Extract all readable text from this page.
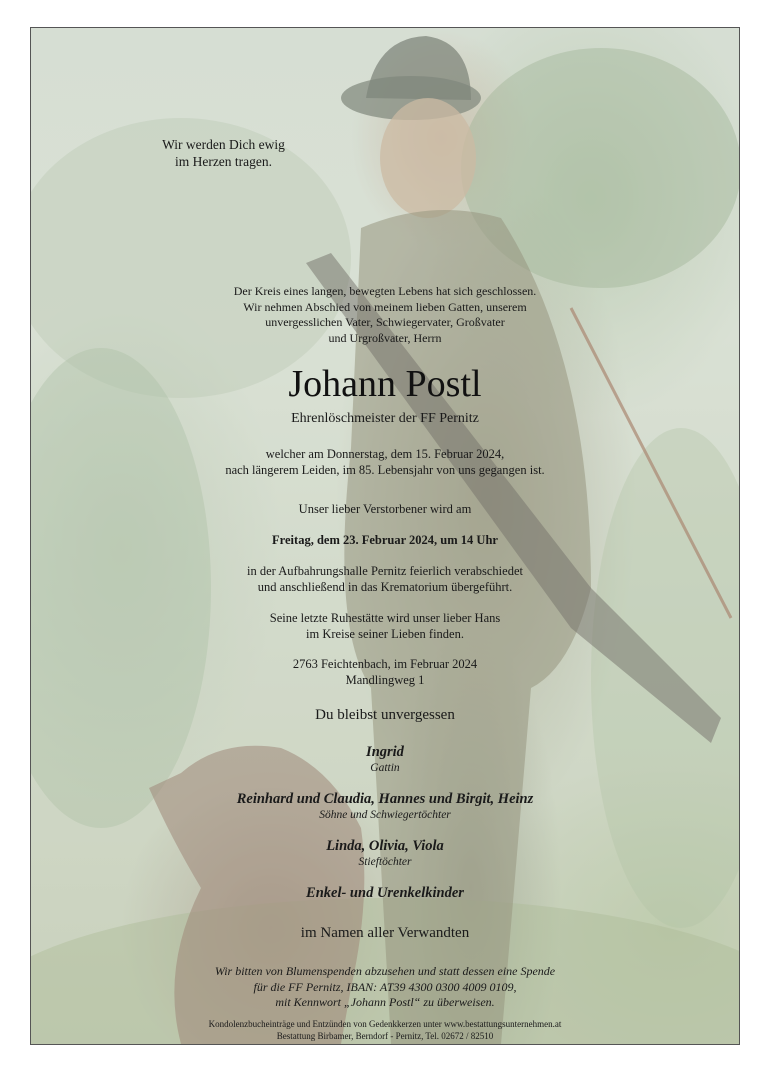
Wir werden Dich ewig
im Herzen tragen.
Der Kreis eines langen, bewegten Lebens hat sich geschlossen.
Wir nehmen Abschied von meinem lieben Gatten, unserem
unvergesslichen Vater, Schwiegervater, Großvater
und Urgroßvater, Herrn
Johann Postl
Ehrenlöschmeister der FF Pernitz
welcher am Donnerstag, dem 15. Februar 2024,
nach längerem Leiden, im 85. Lebensjahr von uns gegangen ist.
Unser lieber Verstorbener wird am
Freitag, dem 23. Februar 2024, um 14 Uhr
in der Aufbahrungshalle Pernitz feierlich verabschiedet
und anschließend in das Krematorium übergeführt.
Seine letzte Ruhestätte wird unser lieber Hans
im Kreise seiner Lieben finden.
2763 Feichtenbach, im Februar 2024
Mandlingweg 1
Du bleibst unvergessen
Ingrid
Gattin
Reinhard und Claudia, Hannes und Birgit, Heinz
Söhne und Schwiegertöchter
Linda, Olivia, Viola
Stieftöchter
Enkel- und Urenkelkinder
im Namen aller Verwandten
Wir bitten von Blumenspenden abzusehen und statt dessen eine Spende
für die FF Pernitz, IBAN: AT39 4300 0300 4009 0109,
mit Kennwort „Johann Postl“ zu überweisen.
Kondolenzbucheinträge und Entzünden von Gedenkkerzen unter www.bestattungsunternehmen.at
Bestattung Birbamer, Berndorf - Pernitz, Tel. 02672 / 82510
